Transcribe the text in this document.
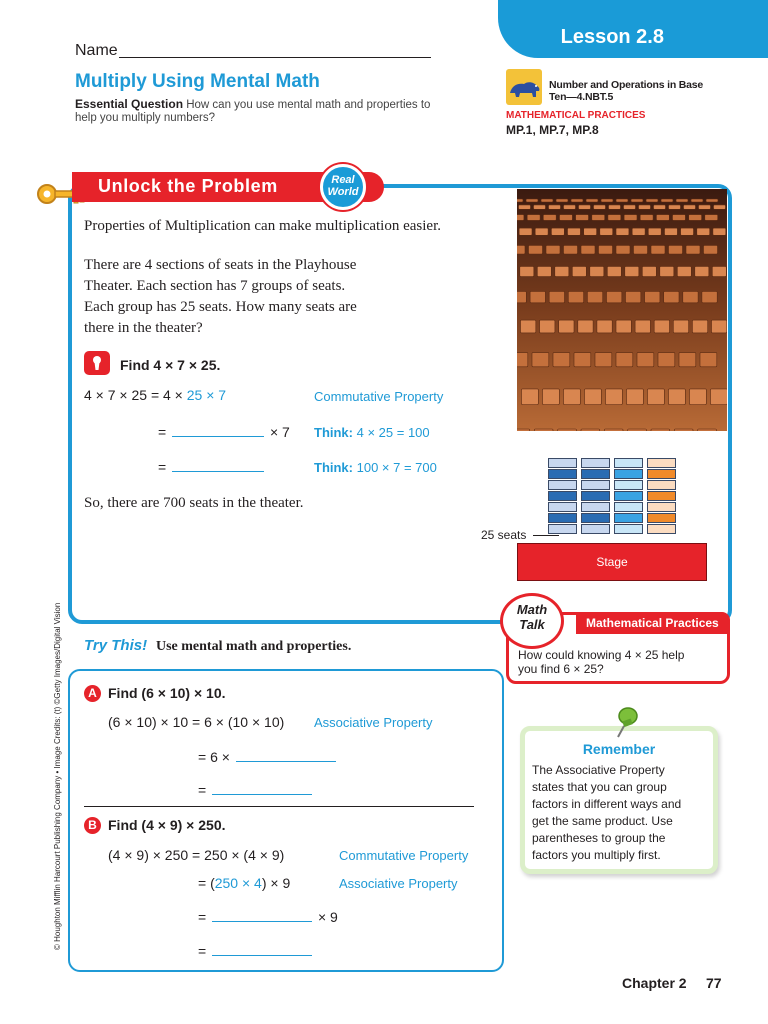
Lesson 2.8
Name
Multiply Using Mental Math
Essential Question How can you use mental math and properties to help you multiply numbers?
Number and Operations in Base
Ten—4.NBT.5
MATHEMATICAL PRACTICES
MP.1, MP.7, MP.8
Unlock the Problem	Real
World
Properties of Multiplication can make multiplication easier.
There are 4 sections of seats in the Playhouse
Theater. Each section has 7 groups of seats.
Each group has 25 seats. How many seats are
there in the theater?
Find 4 × 7 × 25.
4 × 7 × 25 = 4 × 25 × 7	Commutative Property
=	× 7 Think: 4 × 25 = 100
=	Think: 100 × 7 = 700
So, there are 700 seats in the theater.
25 seats
Stage
How could knowing 4 × 25 help
you find 6 × 25?
Mathematical Practices
Math
Talk
Try This! Use mental math and properties.
A Find (6 × 10) × 10.
(6 × 10) × 10 = 6 × (10 × 10) Associative Property
= 6 ×
=
B Find (4 × 9) × 250.
(4 × 9) × 250 = 250 × (4 × 9)	Commutative Property
= (250 × 4) × 9	Associative Property
=	× 9
=
Remember
The Associative Property
states that you can group
factors in different ways and
get the same product. Use
parentheses to group the
factors you multiply first.
© Houghton Mifflin Harcourt Publishing Company • Image Credits: (t) ©Getty Images/Digital Vision
Chapter 2 77
